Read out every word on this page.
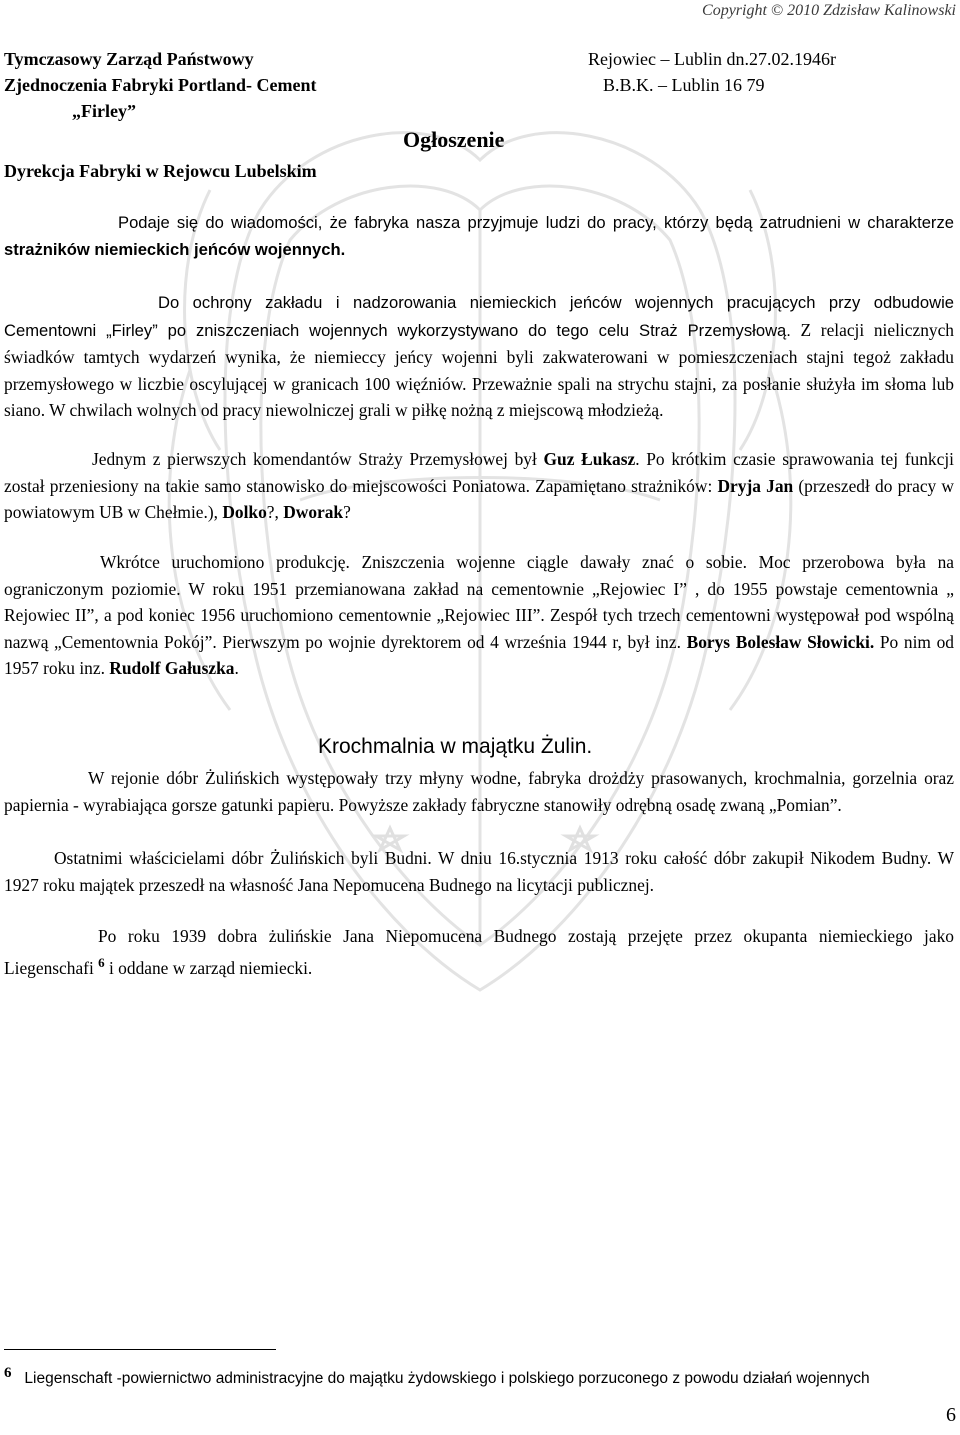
Copyright © 2010 Zdzisław Kalinowski
Tymczasowy Zarząd Państwowy
Zjednoczenia Fabryki Portland- Cement
„Firley”
Dyrekcja Fabryki w Rejowcu Lubelskim
Rejowiec – Lublin dn.27.02.1946r
B.B.K. – Lublin 16 79
Ogłoszenie

Podaje się do wiadomości, że fabryka nasza przyjmuje ludzi do pracy, którzy będą zatrudnieni w charakterze strażników niemieckich jeńców wojennych.

Do ochrony zakładu i nadzorowania niemieckich jeńców wojennych pracujących przy odbudowie Cementowni „Firley” po zniszczeniach wojennych wykorzystywano do tego celu Straż Przemysłową. Z relacji nielicznych świadków tamtych wydarzeń wynika, że niemieccy jeńcy wojenni byli zakwaterowani w pomieszczeniach stajni tegoż zakładu przemysłowego w liczbie oscylującej w granicach 100 więźniów. Przeważnie spali na strychu stajni, za posłanie służyła im słoma lub siano. W chwilach wolnych od pracy niewolniczej grali w piłkę nożną z miejscową młodzieżą.

Jednym z pierwszych komendantów Straży Przemysłowej był Guz Łukasz. Po krótkim czasie sprawowania tej funkcji został przeniesiony na takie samo stanowisko do miejscowości Poniatowa. Zapamiętano strażników: Dryja Jan (przeszedł do pracy w powiatowym UB w Chełmie.), Dolko?, Dworak?

Wkrótce uruchomiono produkcję. Zniszczenia wojenne ciągle dawały znać o sobie. Moc przerobowa była na ograniczonym poziomie. W roku 1951 przemianowana zakład na cementownie „Rejowiec I” , do 1955 powstaje cementownia „ Rejowiec II”, a pod koniec 1956 uruchomiono cementownie „Rejowiec III”. Zespół tych trzech cementowni występował pod wspólną nazwą „Cementownia Pokój”. Pierwszym po wojnie dyrektorem od 4 września 1944 r, był inz. Borys Bolesław Słowicki. Po nim od 1957 roku inz. Rudolf Gałuszka.

Krochmalnia w majątku Żulin.

W rejonie dóbr Żulińskich występowały trzy młyny wodne, fabryka drożdży prasowanych, krochmalnia, gorzelnia oraz papiernia - wyrabiająca gorsze gatunki papieru. Powyższe zakłady fabryczne stanowiły odrębną osadę zwaną „Pomian”.

Ostatnimi właścicielami dóbr Żulińskich byli Budni. W dniu 16.stycznia 1913 roku całość dóbr zakupił Nikodem Budny. W 1927 roku majątek przeszedł na własność Jana Nepomucena Budnego na licytacji publicznej.

Po roku 1939 dobra żulińskie Jana Niepomucena Budnego zostają przejęte przez okupanta niemieckiego jako Liegenschafi $^6$ i oddane w zarząd niemiecki.

$^6$ Liegenschaft -powiernictwo administracyjne do majątku żydowskiego i polskiego porzuconego z powodu działań wojennych
6
